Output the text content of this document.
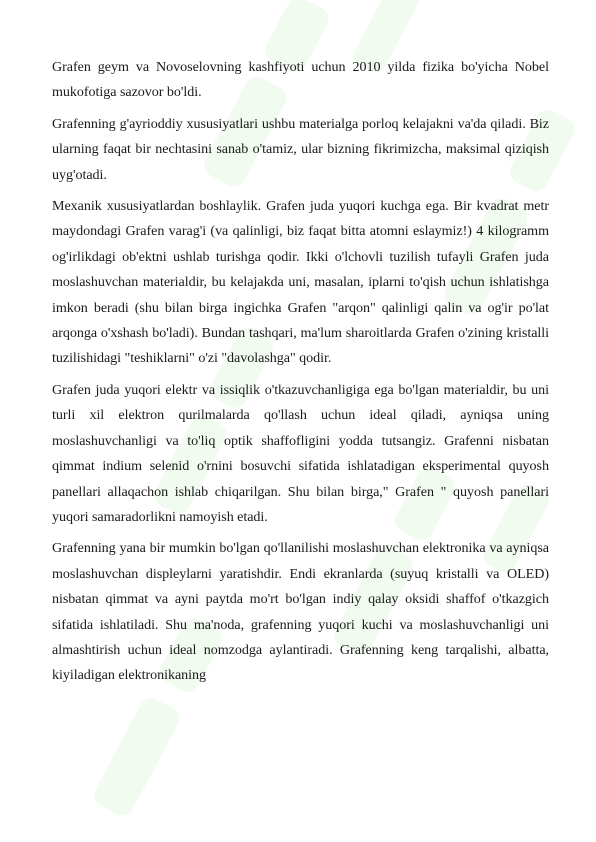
Grafen geym va Novoselovning kashfiyoti uchun 2010 yilda fizika bo'yicha Nobel mukofotiga sazovor bo'ldi.

Grafenning g'ayrioddiy xususiyatlari ushbu materialga porloq kelajakni va'da qiladi. Biz ularning faqat bir nechtasini sanab o'tamiz, ular bizning fikrimizcha, maksimal qiziqish uyg'otadi.

Mexanik xususiyatlardan boshlaylik. Grafen juda yuqori kuchga ega. Bir kvadrat metr maydondagi Grafen varag'i (va qalinligi, biz faqat bitta atomni eslaymiz!) 4 kilogramm og'irlikdagi ob'ektni ushlab turishga qodir. Ikki o'lchovli tuzilish tufayli Grafen juda moslashuvchan materialdir, bu kelajakda uni, masalan, iplarni to'qish uchun ishlatishga imkon beradi (shu bilan birga ingichka Grafen "arqon" qalinligi qalin va og'ir po'lat arqonga o'xshash bo'ladi). Bundan tashqari, ma'lum sharoitlarda Grafen o'zining kristalli tuzilishidagi "teshiklarni" o'zi "davolashga" qodir.

Grafen juda yuqori elektr va issiqlik o'tkazuvchanligiga ega bo'lgan materialdir, bu uni turli xil elektron qurilmalarda qo'llash uchun ideal qiladi, ayniqsa uning moslashuvchanligi va to'liq optik shaffofligini yodda tutsangiz. Grafenni nisbatan qimmat indium selenid o'rnini bosuvchi sifatida ishlatadigan eksperimental quyosh panellari allaqachon ishlab chiqarilgan. Shu bilan birga," Grafen " quyosh panellari yuqori samaradorlikni namoyish etadi.

Grafenning yana bir mumkin bo'lgan qo'llanilishi moslashuvchan elektronika va ayniqsa moslashuvchan displeylarni yaratishdir. Endi ekranlarda (suyuq kristalli va OLED) nisbatan qimmat va ayni paytda mo'rt bo'lgan indiy qalay oksidi shaffof o'tkazgich sifatida ishlatiladi. Shu ma'noda, grafenning yuqori kuchi va moslashuvchanligi uni almashtirish uchun ideal nomzodga aylantiradi. Grafenning keng tarqalishi, albatta, kiyiladigan elektronikaning
